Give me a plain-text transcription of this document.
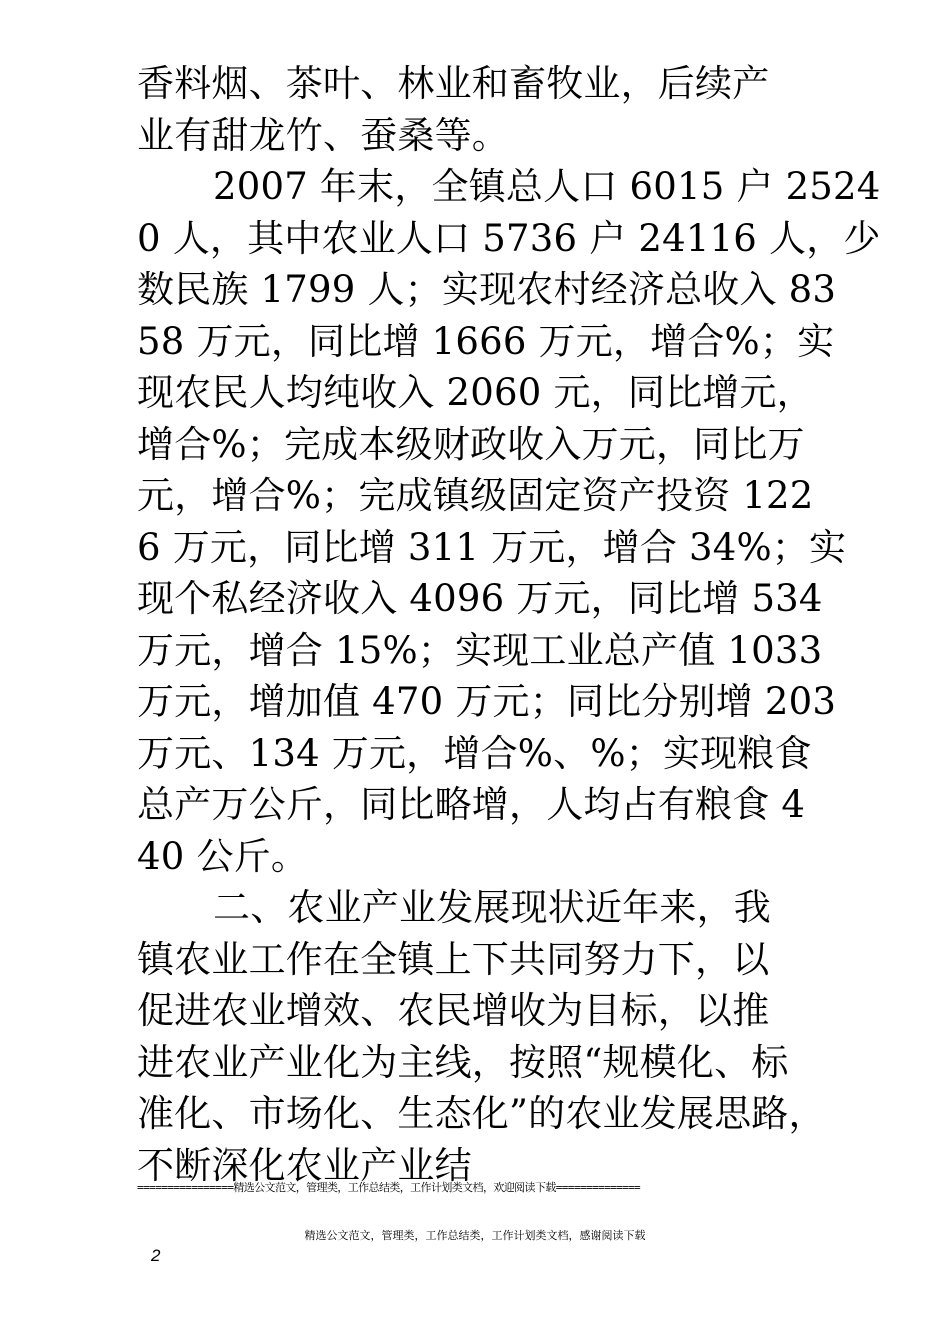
香料烟、茶叶、林业和畜牧业，后续产
业有甜龙竹、蚕桑等。
2007 年末，全镇总人口 6015 户 2524
0 人，其中农业人口 5736 户 24116 人，少
数民族 1799 人；实现农村经济总收入 83
58 万元，同比增 1666 万元，增合%；实
现农民人均纯收入 2060 元，同比增元，
增合%；完成本级财政收入万元，同比万
元，增合%；完成镇级固定资产投资 122
6 万元，同比增 311 万元，增合 34%；实
现个私经济收入 4096 万元，同比增 534
万元，增合 15%；实现工业总产值 1033
万元，增加值 470 万元；同比分别增 203
万元、134 万元，增合%、%；实现粮食
总产万公斤，同比略增，人均占有粮食 4
40 公斤。
二、农业产业发展现状近年来，我
镇农业工作在全镇上下共同努力下，以
促进农业增效、农民增收为目标，以推
进农业产业化为主线，按照“规模化、标
准化、市场化、生态化”的农业发展思路，
不断深化农业产业结
================精选公文范文，管理类，工作总结类，工作计划类文档，欢迎阅读下载==============
精选公文范文，管理类，工作总结类，工作计划类文档，感谢阅读下载
2
